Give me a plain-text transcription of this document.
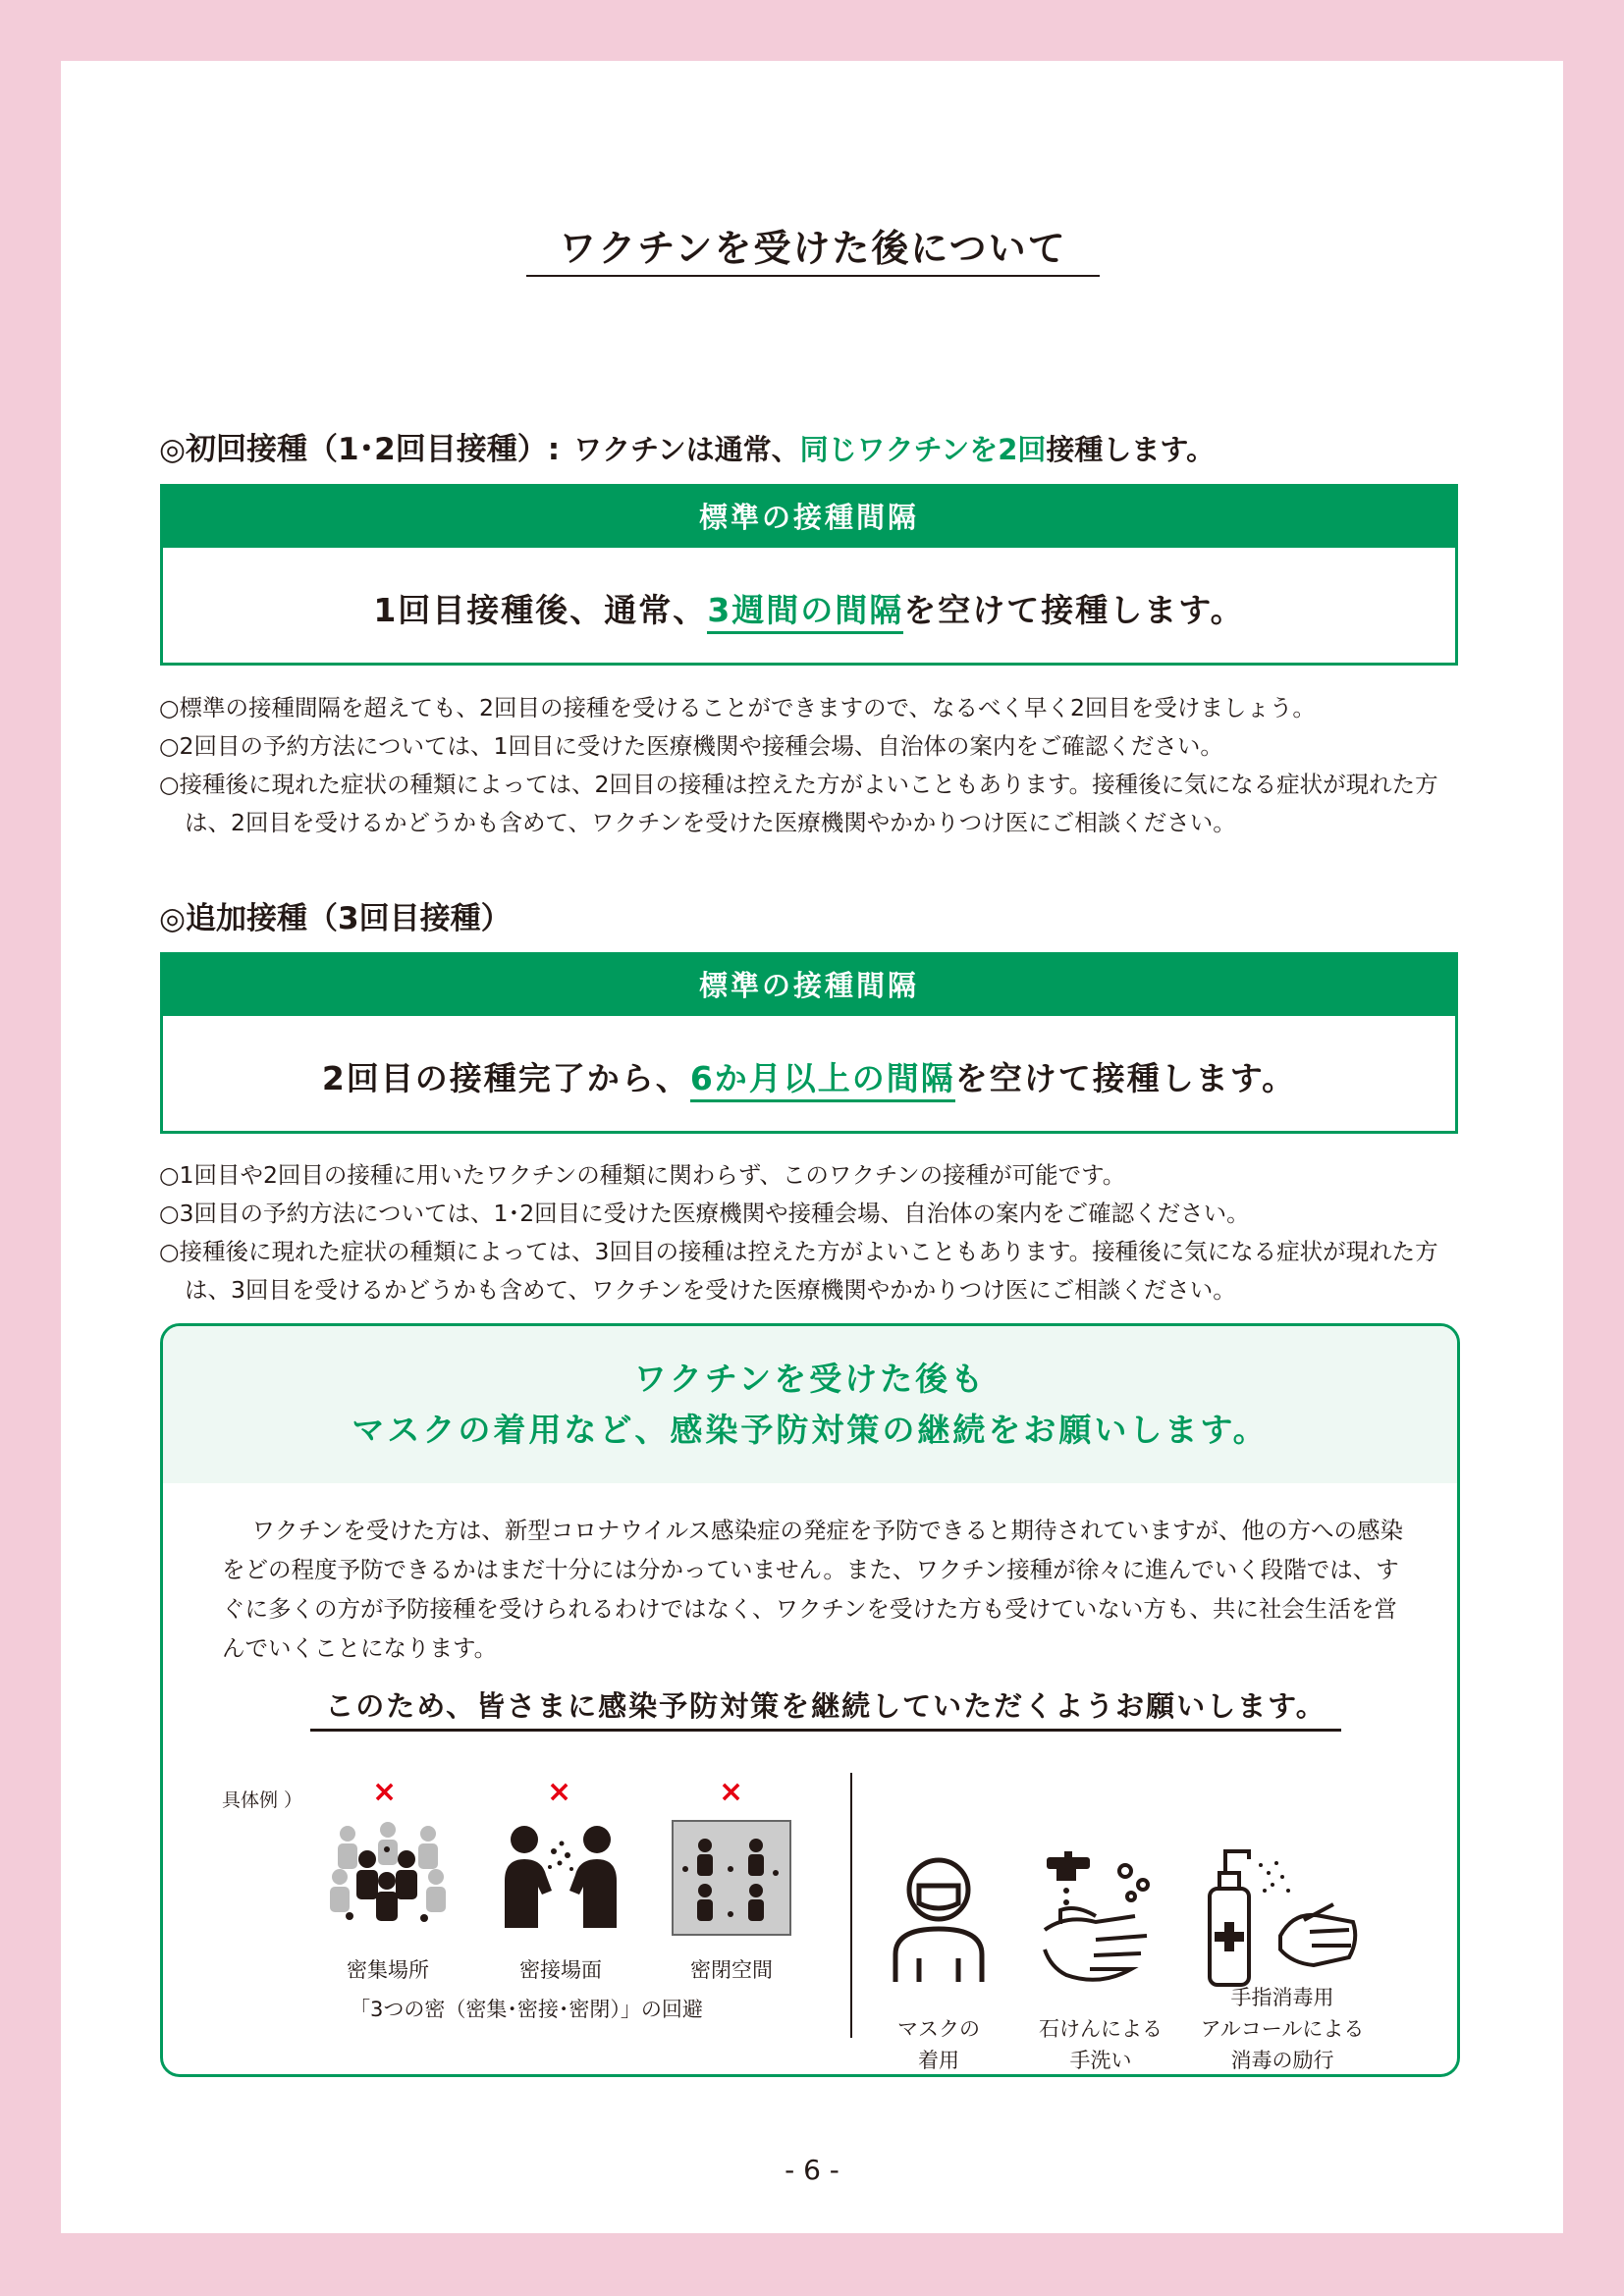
ワクチンを受けた後について
◎初回接種（1･2回目接種）: ワクチンは通常、同じワクチンを2回接種します。
標準の接種間隔
1回目接種後、通常、3週間の間隔を空けて接種します。
○標準の接種間隔を超えても、2回目の接種を受けることができますので、なるべく早く2回目を受けましょう。
○2回目の予約方法については、1回目に受けた医療機関や接種会場、自治体の案内をご確認ください。
○接種後に現れた症状の種類によっては、2回目の接種は控えた方がよいこともあります。接種後に気になる症状が現れた方は、2回目を受けるかどうかも含めて、ワクチンを受けた医療機関やかかりつけ医にご相談ください。
◎追加接種（3回目接種）
標準の接種間隔
2回目の接種完了から、6か月以上の間隔を空けて接種します。
○1回目や2回目の接種に用いたワクチンの種類に関わらず、このワクチンの接種が可能です。
○3回目の予約方法については、1･2回目に受けた医療機関や接種会場、自治体の案内をご確認ください。
○接種後に現れた症状の種類によっては、3回目の接種は控えた方がよいこともあります。接種後に気になる症状が現れた方は、3回目を受けるかどうかも含めて、ワクチンを受けた医療機関やかかりつけ医にご相談ください。
ワクチンを受けた後も
マスクの着用など、感染予防対策の継続をお願いします。

ワクチンを受けた方は、新型コロナウイルス感染症の発症を予防できると期待されていますが、他の方への感染をどの程度予防できるかはまだ十分には分かっていません。また、ワクチン接種が徐々に進んでいく段階では、すぐに多くの方が予防接種を受けられるわけではなく、ワクチンを受けた方も受けていない方も、共に社会生活を営んでいくことになります。

このため、皆さまに感染予防対策を継続していただくようお願いします。
具体例 ） ×	×	×
密集場所	密接場面	密閉空間
「3つの密（密集･密接･密閉）」の回避
マスクの
着用
石けんによる
手洗い
手指消毒用
アルコールによる
消毒の励行
- 6 -
